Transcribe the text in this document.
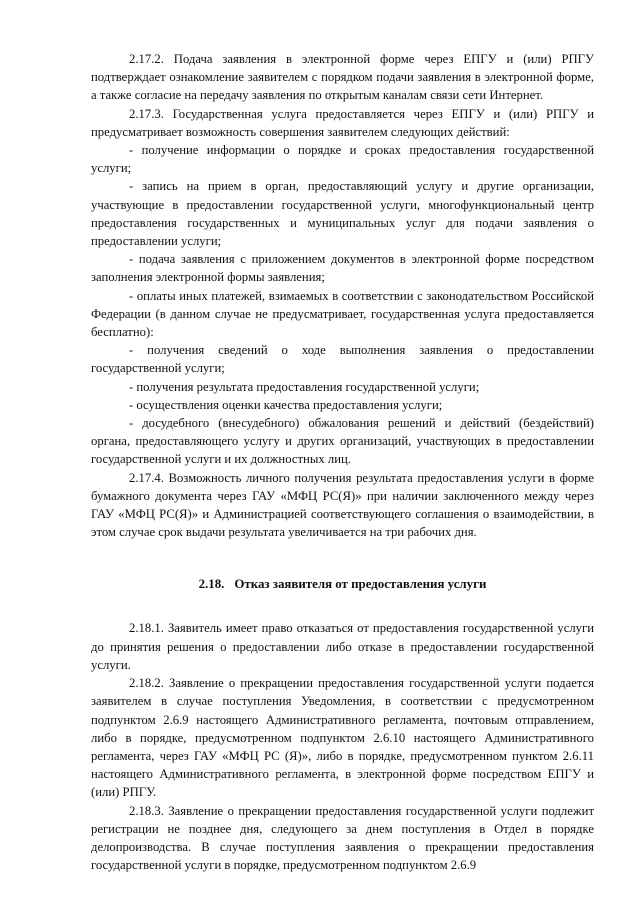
2.17.2. Подача заявления в электронной форме через ЕПГУ и (или) РПГУ подтверждает ознакомление заявителем с порядком подачи заявления в электронной форме, а также согласие на передачу заявления по открытым каналам связи сети Интернет.

2.17.3. Государственная услуга предоставляется через ЕПГУ и (или) РПГУ и предусматривает возможность совершения заявителем следующих действий:

- получение информации о порядке и сроках предоставления государственной услуги;

- запись на прием в орган, предоставляющий услугу и другие организации, участвующие в предоставлении государственной услуги, многофункциональный центр предоставления государственных и муниципальных услуг для подачи заявления о предоставлении услуги;

- подача заявления с приложением документов в электронной форме посредством заполнения электронной формы заявления;

- оплаты иных платежей, взимаемых в соответствии с законодательством Российской Федерации (в данном случае не предусматривает, государственная услуга предоставляется бесплатно):

- получения сведений о ходе выполнения заявления о предоставлении государственной услуги;

- получения результата предоставления государственной услуги;

- осуществления оценки качества предоставления услуги;

- досудебного (внесудебного) обжалования решений и действий (бездействий) органа, предоставляющего услугу и других организаций, участвующих в предоставлении государственной услуги и их должностных лиц.

2.17.4. Возможность личного получения результата предоставления услуги в форме бумажного документа через ГАУ «МФЦ РС(Я)» при наличии заключенного между через ГАУ «МФЦ РС(Я)» и Администрацией соответствующего соглашения о взаимодействии, в этом случае срок выдачи результата увеличивается на три рабочих дня.

2.18. Отказ заявителя от предоставления услуги

2.18.1. Заявитель имеет право отказаться от предоставления государственной услуги до принятия решения о предоставлении либо отказе в предоставлении государственной услуги.

2.18.2. Заявление о прекращении предоставления государственной услуги подается заявителем в случае поступления Уведомления, в соответствии с предусмотренном подпунктом 2.6.9 настоящего Административного регламента, почтовым отправлением, либо в порядке, предусмотренном подпунктом 2.6.10 настоящего Административного регламента, через ГАУ «МФЦ РС (Я)», либо в порядке, предусмотренном пунктом 2.6.11 настоящего Административного регламента, в электронной форме посредством ЕПГУ и (или) РПГУ.

2.18.3. Заявление о прекращении предоставления государственной услуги подлежит регистрации не позднее дня, следующего за днем поступления в Отдел в порядке делопроизводства. В случае поступления заявления о прекращении предоставления государственной услуги в порядке, предусмотренном подпунктом 2.6.9
